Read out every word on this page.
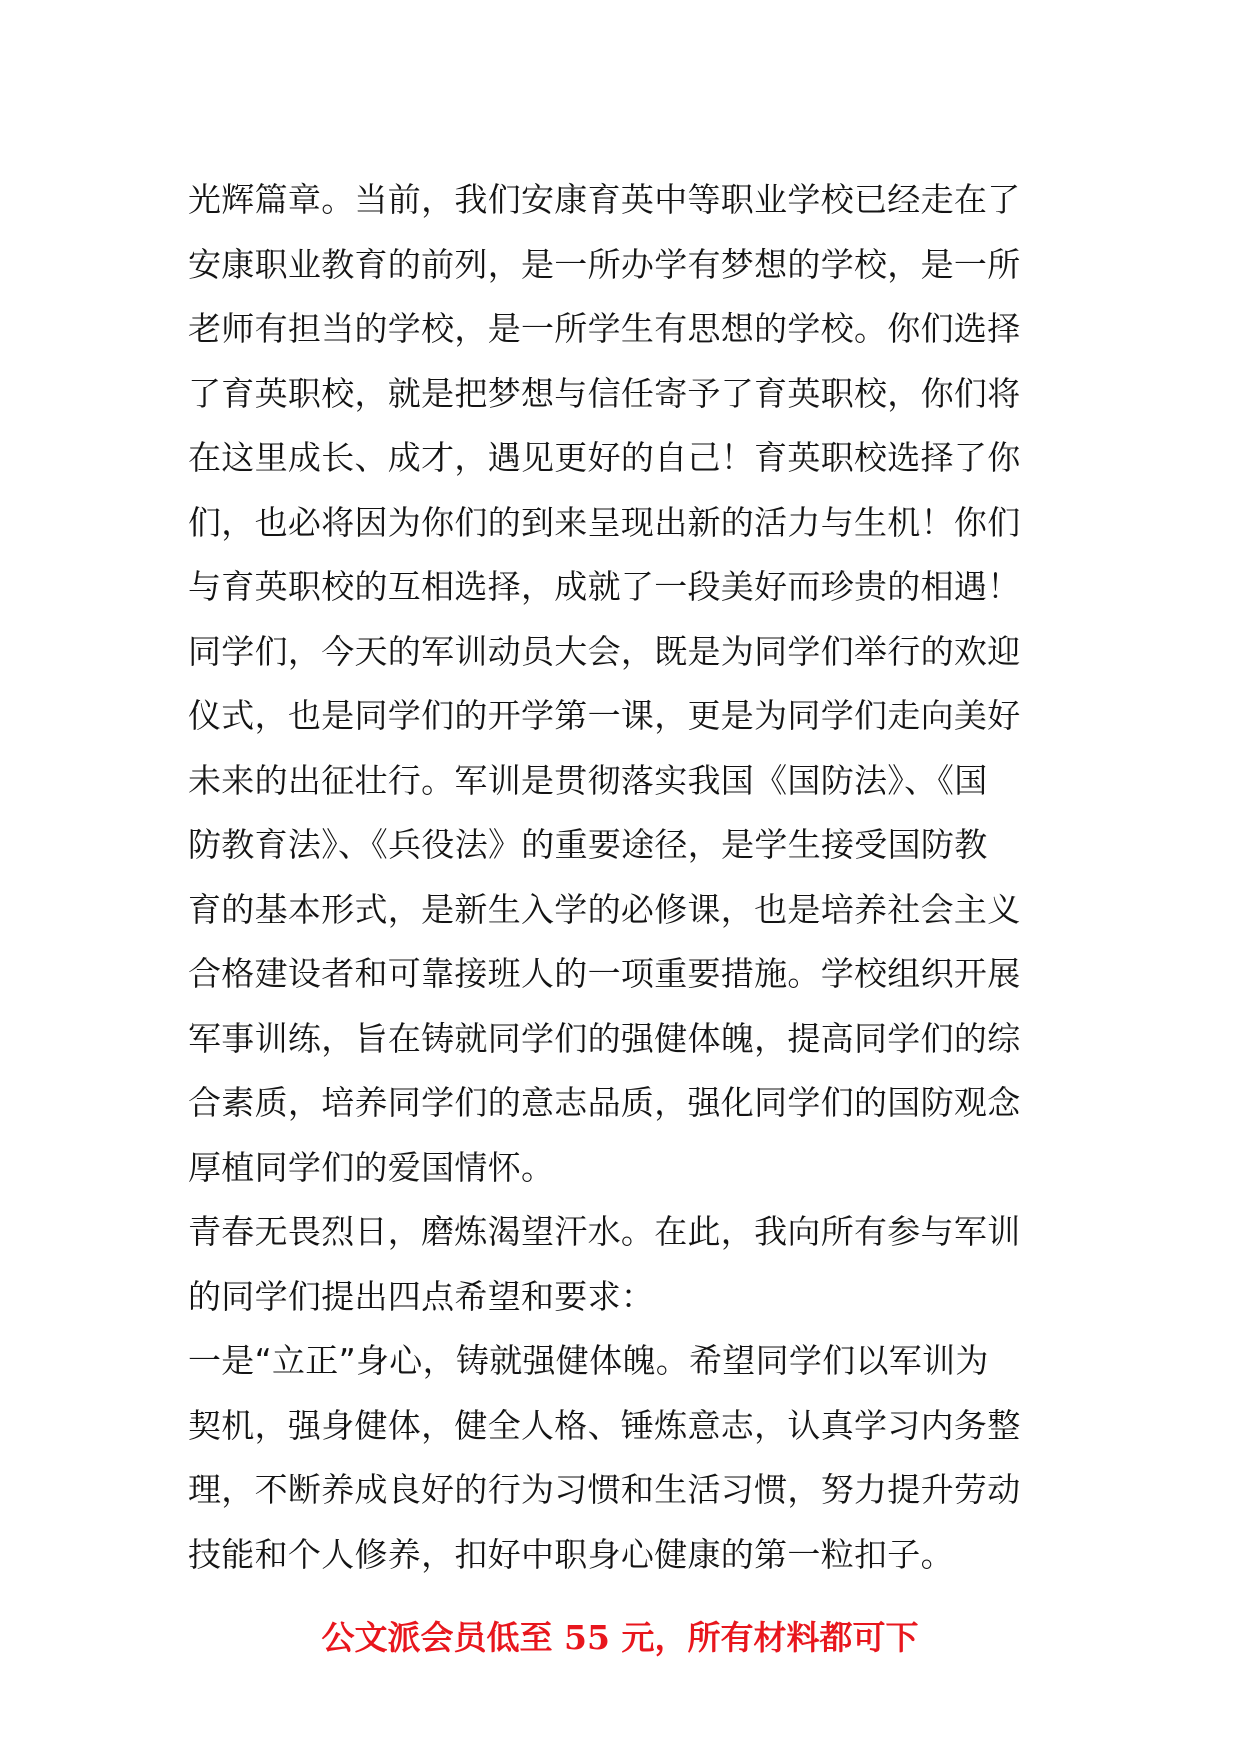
光辉篇章。当前，我们安康育英中等职业学校已经走在了
安康职业教育的前列，是一所办学有梦想的学校，是一所
老师有担当的学校，是一所学生有思想的学校。你们选择
了育英职校，就是把梦想与信任寄予了育英职校，你们将
在这里成长、成才，遇见更好的自己！育英职校选择了你
们，也必将因为你们的到来呈现出新的活力与生机！你们
与育英职校的互相选择，成就了一段美好而珍贵的相遇！
同学们，今天的军训动员大会，既是为同学们举行的欢迎
仪式，也是同学们的开学第一课，更是为同学们走向美好
未来的出征壮行。军训是贯彻落实我国《国防法》、《国
防教育法》、《兵役法》的重要途径，是学生接受国防教
育的基本形式，是新生入学的必修课，也是培养社会主义
合格建设者和可靠接班人的一项重要措施。学校组织开展
军事训练，旨在铸就同学们的强健体魄，提高同学们的综
合素质，培养同学们的意志品质，强化同学们的国防观念
厚植同学们的爱国情怀。
青春无畏烈日，磨炼渴望汗水。在此，我向所有参与军训
的同学们提出四点希望和要求：
一是“立正”身心，铸就强健体魄。希望同学们以军训为
契机，强身健体，健全人格、锤炼意志，认真学习内务整
理，不断养成良好的行为习惯和生活习惯，努力提升劳动
技能和个人修养，扣好中职身心健康的第一粒扣子。
公文派会员低至 55 元，所有材料都可下
